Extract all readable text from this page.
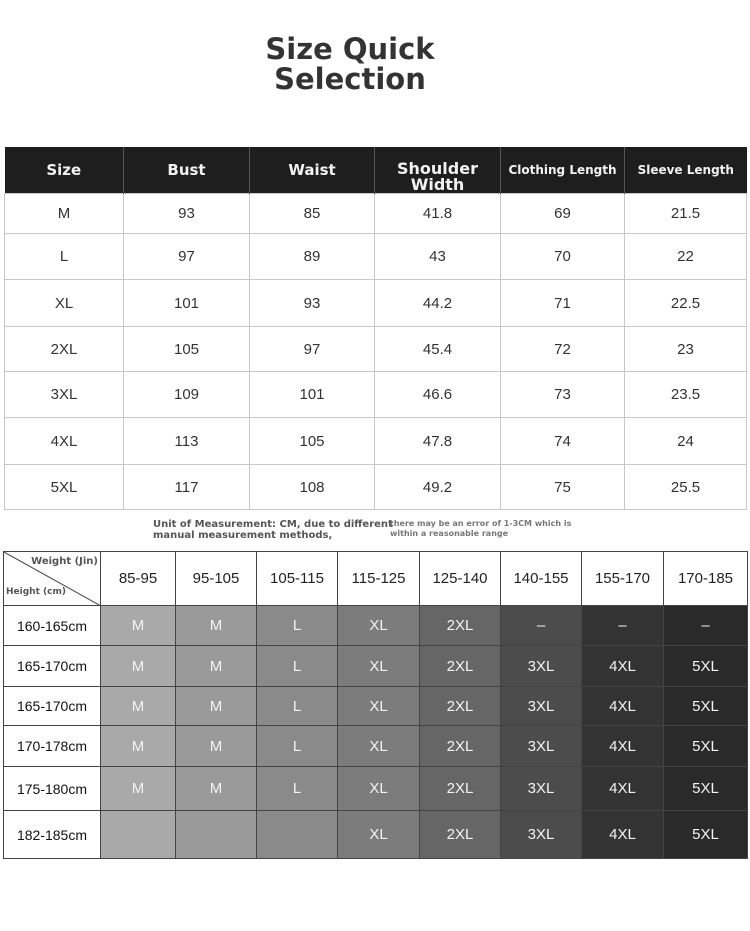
Size Quick
Selection
Size	Bust	Waist	Shoulder Width	Clothing Length	Sleeve Length
M	93	85	41.8	69	21.5
L	97	89	43	70	22
XL	101	93	44.2	71	22.5
2XL	105	97	45.4	72	23
3XL	109	101	46.6	73	23.5
4XL	113	105	47.8	74	24
5XL	117	108	49.2	75	25.5
Unit of Measurement: CM, due to different manual measurement methods,
there may be an error of 1-3CM which is within a reasonable range
Weight (Jin)
Height (cm)	85-95	95-105	105-115	115-125	125-140	140-155	155-170	170-185
160-165cm	M	M	L	XL	2XL	–	–	–
165-170cm	M	M	L	XL	2XL	3XL	4XL	5XL
165-170cm	M	M	L	XL	2XL	3XL	4XL	5XL
170-178cm	M	M	L	XL	2XL	3XL	4XL	5XL
175-180cm	M	M	L	XL	2XL	3XL	4XL	5XL
182-185cm				XL	2XL	3XL	4XL	5XL
